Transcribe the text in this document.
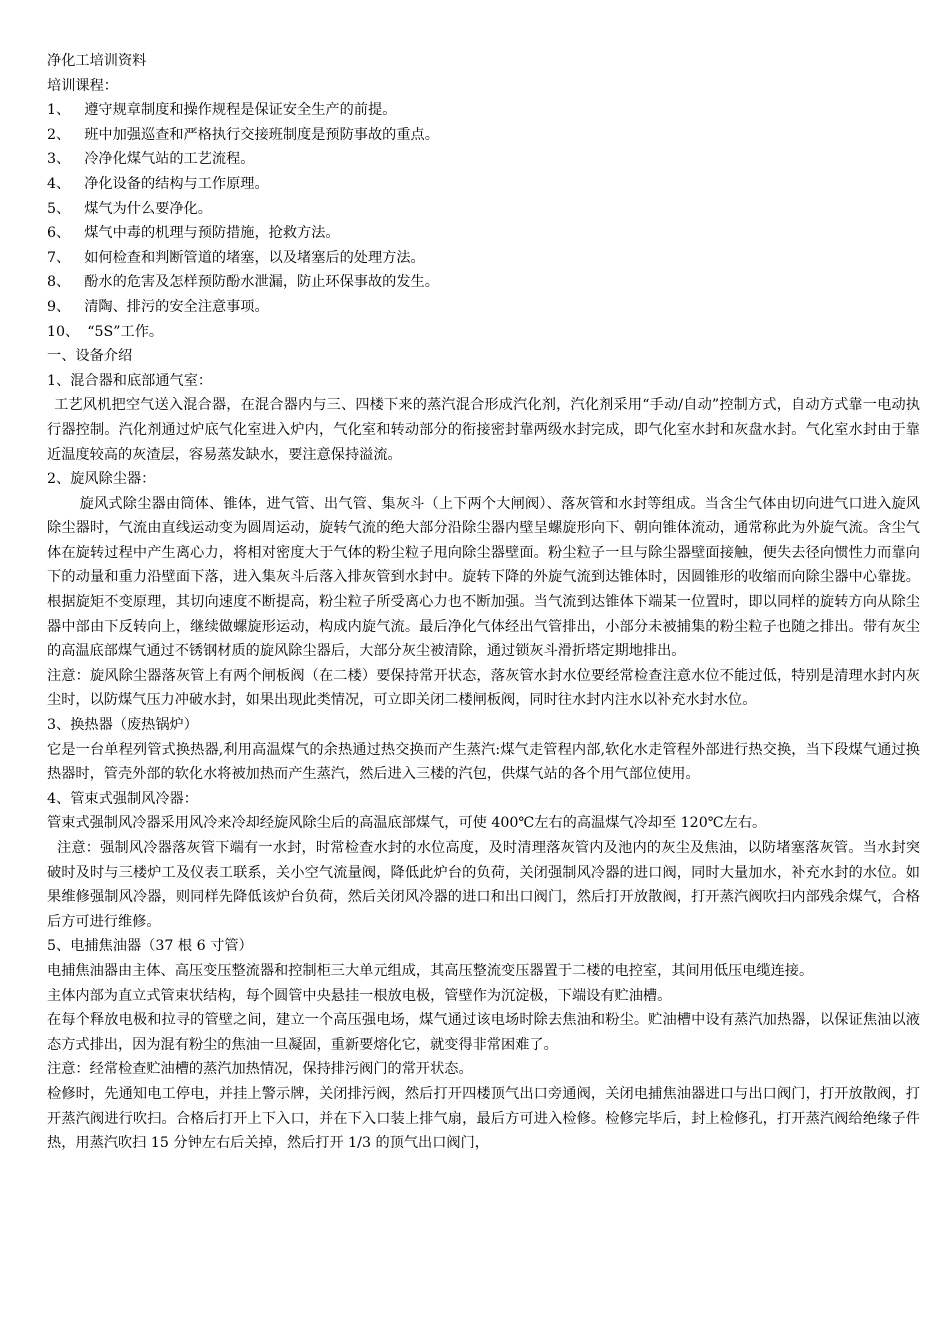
净化工培训资料
培训课程：
1、 遵守规章制度和操作规程是保证安全生产的前提。
2、 班中加强巡查和严格执行交接班制度是预防事故的重点。
3、 冷净化煤气站的工艺流程。
4、 净化设备的结构与工作原理。
5、 煤气为什么要净化。
6、 煤气中毒的机理与预防措施，抢救方法。
7、 如何检查和判断管道的堵塞，以及堵塞后的处理方法。
8、 酚水的危害及怎样预防酚水泄漏，防止环保事故的发生。
9、 清陶、排污的安全注意事项。
10、 “5S”工作。
一、设备介绍
1、混合器和底部通气室：

工艺风机把空气送入混合器，在混合器内与三、四楼下来的蒸汽混合形成汽化剂，汽化剂采用“手动/自动”控制方式，自动方式靠一电动执行器控制。汽化剂通过炉底气化室进入炉内，气化室和转动部分的衔接密封靠两级水封完成，即气化室水封和灰盘水封。气化室水封由于靠近温度较高的灰渣层，容易蒸发缺水，要注意保持溢流。

2、旋风除尘器：

旋风式除尘器由筒体、锥体，进气管、出气管、集灰斗（上下两个大闸阀）、落灰管和水封等组成。当含尘气体由切向进气口进入旋风除尘器时，气流由直线运动变为圆周运动，旋转气流的绝大部分沿除尘器内壁呈螺旋形向下、朝向锥体流动，通常称此为外旋气流。含尘气体在旋转过程中产生离心力，将相对密度大于气体的粉尘粒子甩向除尘器壁面。粉尘粒子一旦与除尘器壁面接触，便失去径向惯性力而靠向下的动量和重力沿壁面下落，进入集灰斗后落入排灰管到水封中。旋转下降的外旋气流到达锥体时，因圆锥形的收缩而向除尘器中心靠拢。根据旋矩不变原理，其切向速度不断提高，粉尘粒子所受离心力也不断加强。当气流到达锥体下端某一位置时，即以同样的旋转方向从除尘器中部由下反转向上，继续做螺旋形运动，构成内旋气流。最后净化气体经出气管排出，小部分未被捕集的粉尘粒子也随之排出。带有灰尘的高温底部煤气通过不锈钢材质的旋风除尘器后，大部分灰尘被清除，通过锁灰斗滑折塔定期地排出。

注意：旋风除尘器落灰管上有两个闸板阀（在二楼）要保持常开状态，落灰管水封水位要经常检查注意水位不能过低，特别是清理水封内灰尘时，以防煤气压力冲破水封，如果出现此类情况，可立即关闭二楼闸板阀，同时往水封内注水以补充水封水位。

3、换热器（废热锅炉）

它是一台单程列管式换热器,利用高温煤气的余热通过热交换而产生蒸汽:煤气走管程内部,软化水走管程外部进行热交换，当下段煤气通过换热器时，管壳外部的软化水将被加热而产生蒸汽，然后进入三楼的汽包，供煤气站的各个用气部位使用。

4、管束式强制风冷器：

管束式强制风冷器采用风冷来冷却经旋风除尘后的高温底部煤气，可使 400℃左右的高温煤气冷却至 120℃左右。

注意：强制风冷器落灰管下端有一水封，时常检查水封的水位高度，及时清理落灰管内及池内的灰尘及焦油，以防堵塞落灰管。当水封突破时及时与三楼炉工及仪表工联系，关小空气流量阀，降低此炉台的负荷，关闭强制风冷器的进口阀，同时大量加水，补充水封的水位。如果维修强制风冷器，则同样先降低该炉台负荷，然后关闭风冷器的进口和出口阀门，然后打开放散阀，打开蒸汽阀吹扫内部残余煤气，合格后方可进行维修。

5、电捕焦油器（37 根 6 寸管）

电捕焦油器由主体、高压变压整流器和控制柜三大单元组成，其高压整流变压器置于二楼的电控室，其间用低压电缆连接。

主体内部为直立式管束状结构，每个圆管中央悬挂一根放电极，管壁作为沉淀极，下端设有贮油槽。

在每个释放电极和拉寻的管壁之间，建立一个高压强电场，煤气通过该电场时除去焦油和粉尘。贮油槽中设有蒸汽加热器，以保证焦油以液态方式排出，因为混有粉尘的焦油一旦凝固，重新要熔化它，就变得非常困难了。

注意：经常检查贮油槽的蒸汽加热情况，保持排污阀门的常开状态。

检修时，先通知电工停电，并挂上警示牌，关闭排污阀，然后打开四楼顶气出口旁通阀，关闭电捕焦油器进口与出口阀门，打开放散阀，打开蒸汽阀进行吹扫。合格后打开上下入口，并在下入口装上排气扇，最后方可进入检修。检修完毕后，封上检修孔，打开蒸汽阀给绝缘子件热，用蒸汽吹扫 15 分钟左右后关掉，然后打开 1/3 的顶气出口阀门，
